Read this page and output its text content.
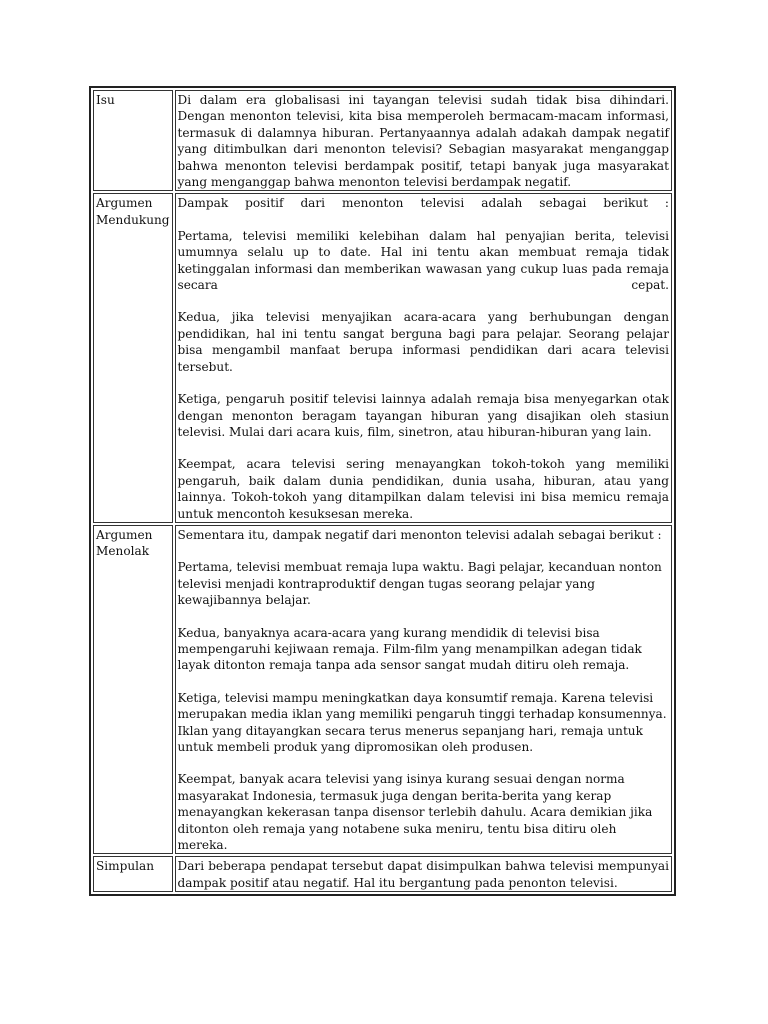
Isu	Di dalam era globalisasi ini tayangan televisi sudah tidak bisa dihindari. Dengan menonton televisi, kita bisa memperoleh bermacam-macam informasi, termasuk di dalamnya hiburan. Pertanyaannya adalah adakah dampak negatif yang ditimbulkan dari menonton televisi? Sebagian masyarakat menganggap bahwa menonton televisi berdampak positif, tetapi banyak juga masyarakat yang menganggap bahwa menonton televisi berdampak negatif.

Argumen Mendukung	Dampak positif dari menonton televisi adalah sebagai berikut :

Pertama, televisi memiliki kelebihan dalam hal penyajian berita, televisi umumnya selalu up to date. Hal ini tentu akan membuat remaja tidak ketinggalan informasi dan memberikan wawasan yang cukup luas pada remaja secara cepat.

Kedua, jika televisi menyajikan acara-acara yang berhubungan dengan pendidikan, hal ini tentu sangat berguna bagi para pelajar. Seorang pelajar bisa mengambil manfaat berupa informasi pendidikan dari acara televisi tersebut.

Ketiga, pengaruh positif televisi lainnya adalah remaja bisa menyegarkan otak dengan menonton beragam tayangan hiburan yang disajikan oleh stasiun televisi. Mulai dari acara kuis, film, sinetron, atau hiburan-hiburan yang lain.

Keempat, acara televisi sering menayangkan tokoh-tokoh yang memiliki pengaruh, baik dalam dunia pendidikan, dunia usaha, hiburan, atau yang lainnya. Tokoh-tokoh yang ditampilkan dalam televisi ini bisa memicu remaja untuk mencontoh kesuksesan mereka.

Argumen Menolak	Sementara itu, dampak negatif dari menonton televisi adalah sebagai berikut :

Pertama, televisi membuat remaja lupa waktu. Bagi pelajar, kecanduan nonton televisi menjadi kontraproduktif dengan tugas seorang pelajar yang kewajibannya belajar.

Kedua, banyaknya acara-acara yang kurang mendidik di televisi bisa mempengaruhi kejiwaan remaja. Film-film yang menampilkan adegan tidak layak ditonton remaja tanpa ada sensor sangat mudah ditiru oleh remaja.

Ketiga, televisi mampu meningkatkan daya konsumtif remaja. Karena televisi merupakan media iklan yang memiliki pengaruh tinggi terhadap konsumennya. Iklan yang ditayangkan secara terus menerus sepanjang hari, remaja untuk untuk membeli produk yang dipromosikan oleh produsen.

Keempat, banyak acara televisi yang isinya kurang sesuai dengan norma masyarakat Indonesia, termasuk juga dengan berita-berita yang kerap menayangkan kekerasan tanpa disensor terlebih dahulu. Acara demikian jika ditonton oleh remaja yang notabene suka meniru, tentu bisa ditiru oleh mereka.

Simpulan	Dari beberapa pendapat tersebut dapat disimpulkan bahwa televisi mempunyai dampak positif atau negatif. Hal itu bergantung pada penonton televisi.
